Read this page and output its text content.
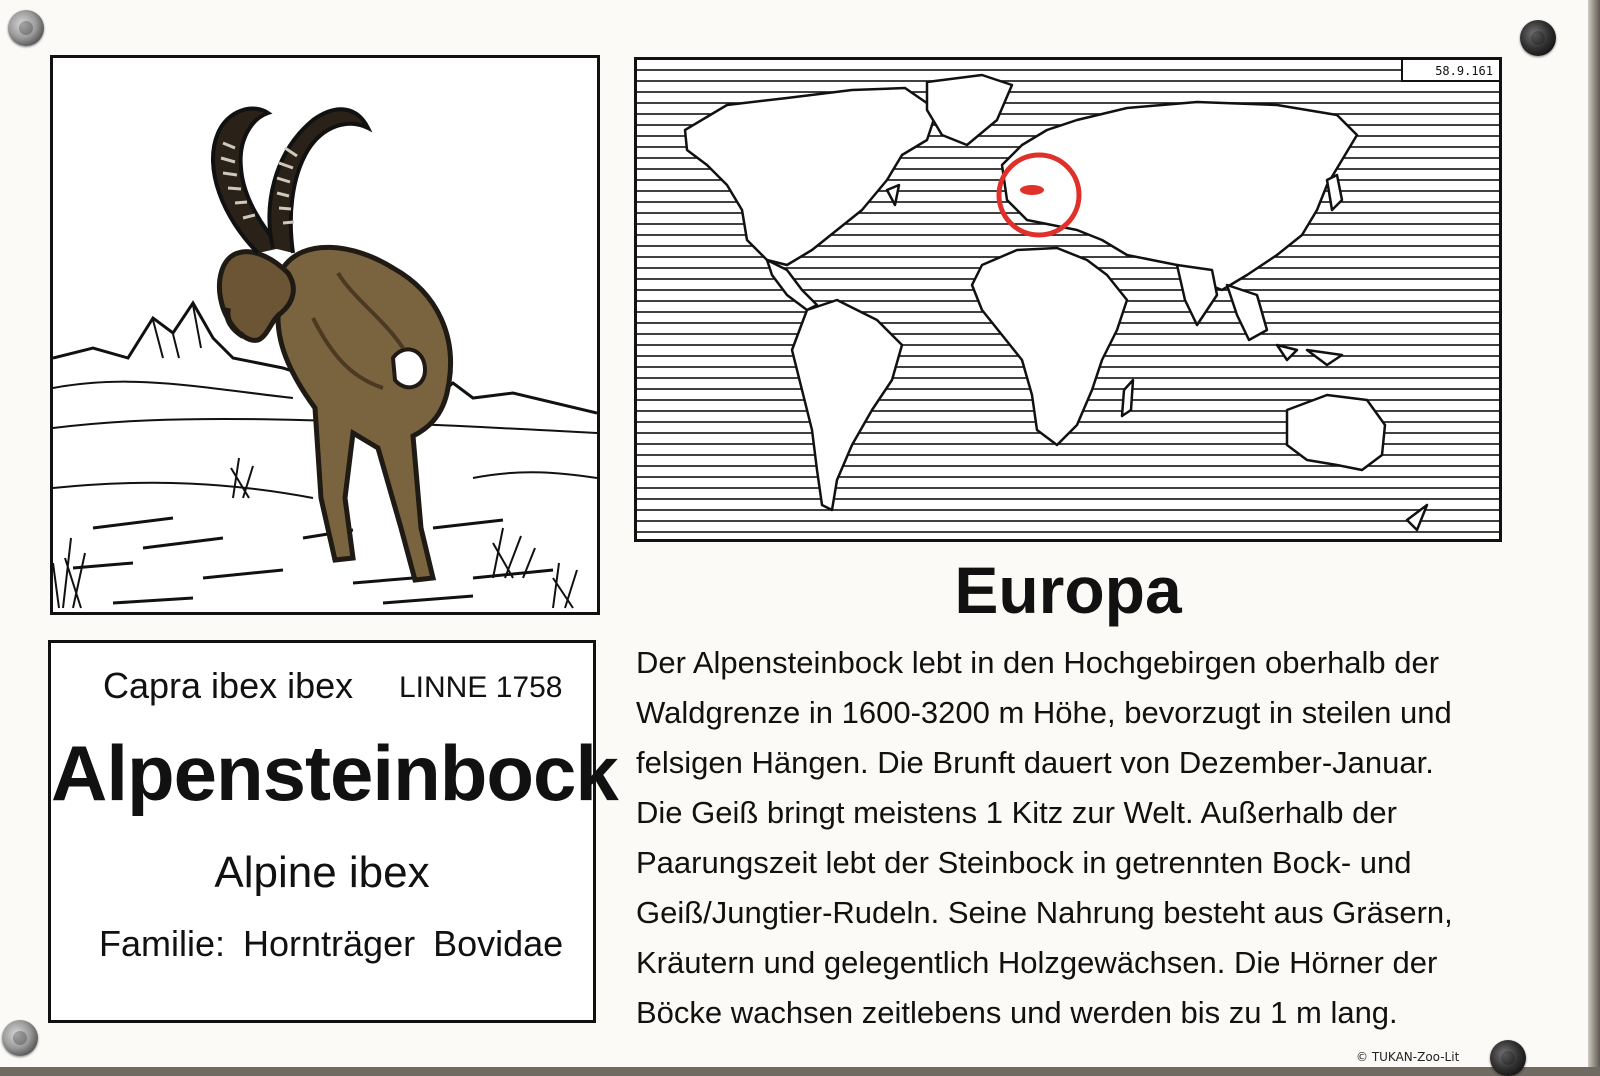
58.9.161
Capra ibex ibex LINNE 1758
Alpensteinbock
Alpine ibex
Familie: Hornträger Bovidae
Europa
Der Alpensteinbock lebt in den Hochgebirgen oberhalb der
Waldgrenze in 1600-3200 m Höhe, bevorzugt in steilen und
felsigen Hängen. Die Brunft dauert von Dezember-Januar.
Die Geiß bringt meistens 1 Kitz zur Welt. Außerhalb der
Paarungszeit lebt der Steinbock in getrennten Bock- und
Geiß/Jungtier-Rudeln. Seine Nahrung besteht aus Gräsern,
Kräutern und gelegentlich Holzgewächsen. Die Hörner der
Böcke wachsen zeitlebens und werden bis zu 1 m lang.
© TUKAN-Zoo-Lit
